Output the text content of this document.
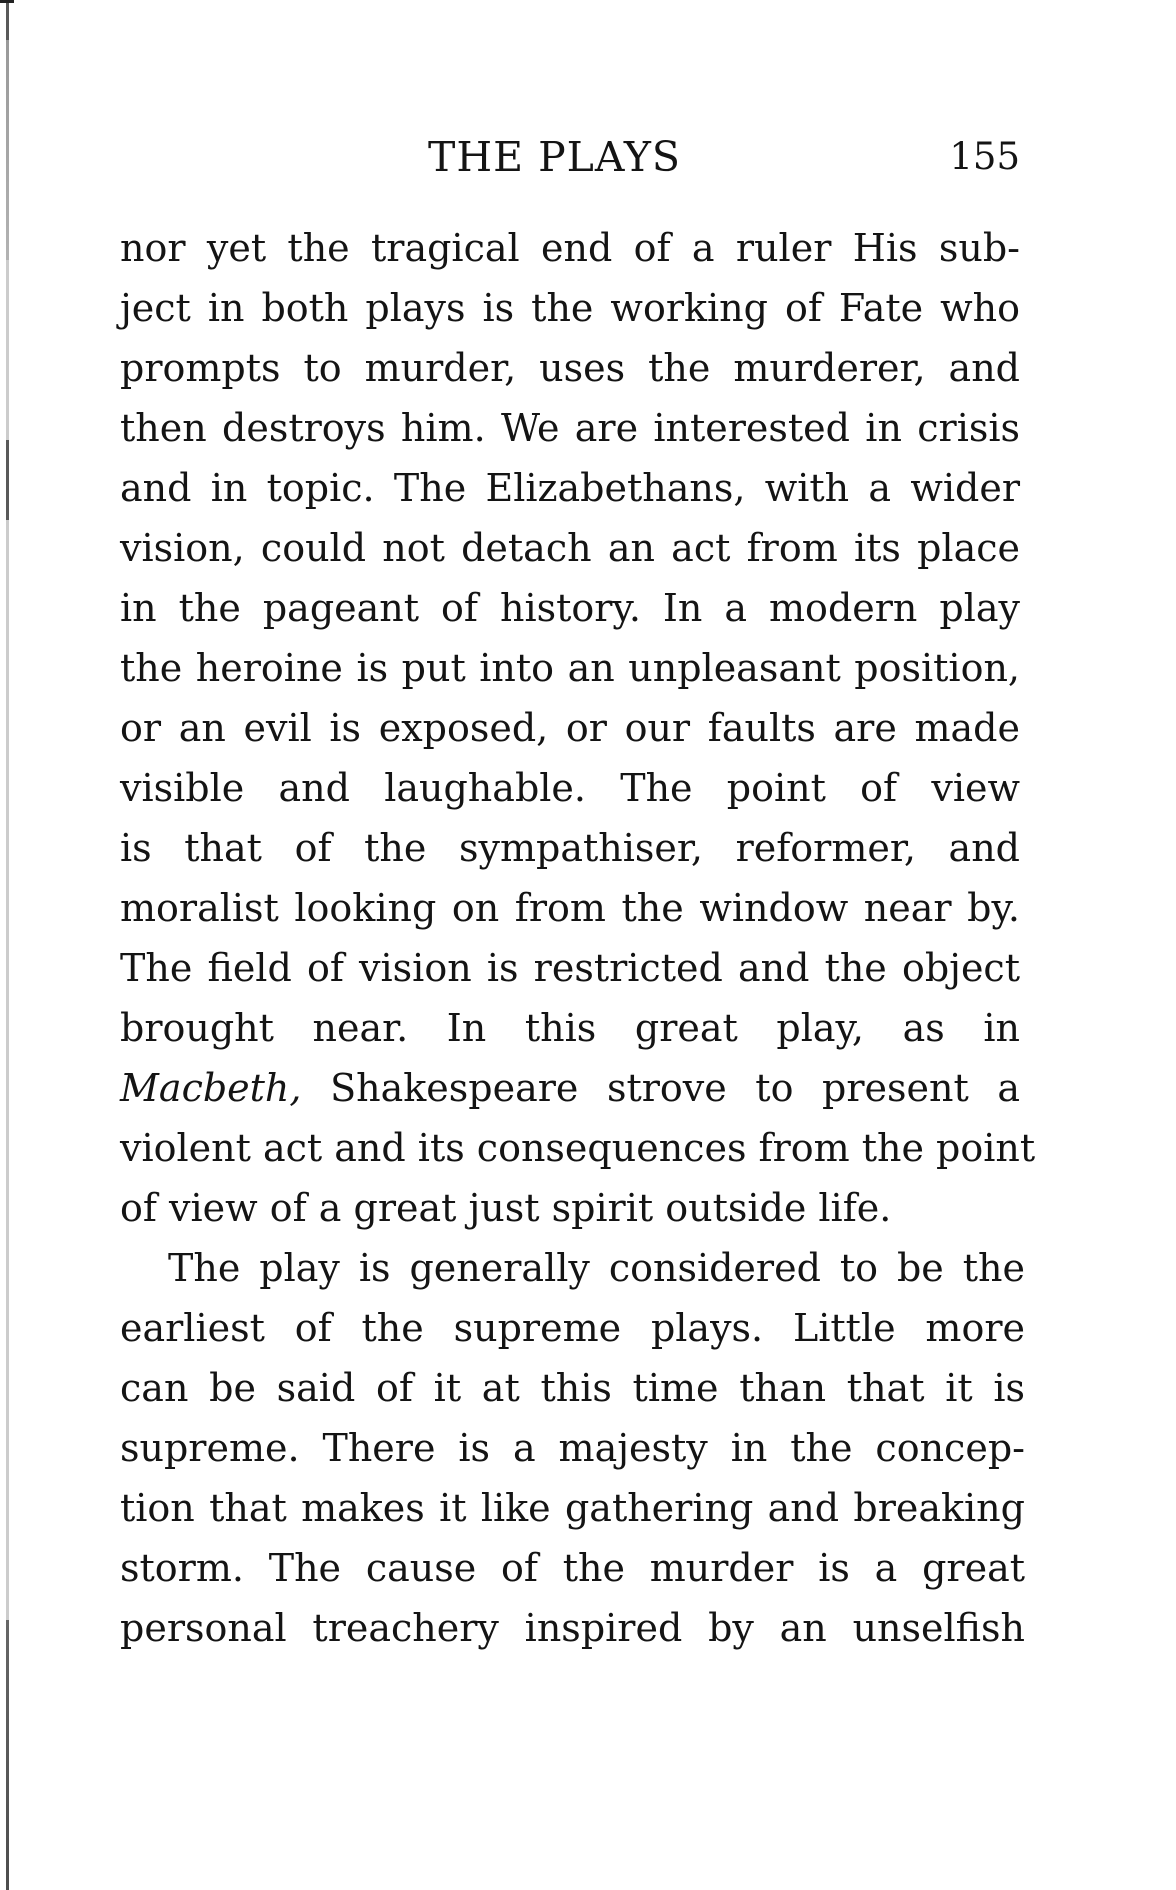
THE PLAYS	155
nor yet the tragical end of a ruler His sub-
ject in both plays is the working of Fate who
prompts to murder, uses the murderer, and
then destroys him. We are interested in crisis
and in topic. The Elizabethans, with a wider
vision, could not detach an act from its place
in the pageant of history. In a modern play
the heroine is put into an unpleasant position,
or an evil is exposed, or our faults are made
visible and laughable. The point of view
is that of the sympathiser, reformer, and
moralist looking on from the window near by.
The field of vision is restricted and the object
brought near. In this great play, as in
Macbeth, Shakespeare strove to present a
violent act and its consequences from the point
of view of a great just spirit outside life.
The play is generally considered to be the
earliest of the supreme plays. Little more
can be said of it at this time than that it is
supreme. There is a majesty in the concep-
tion that makes it like gathering and breaking
storm. The cause of the murder is a great
personal treachery inspired by an unselfish
